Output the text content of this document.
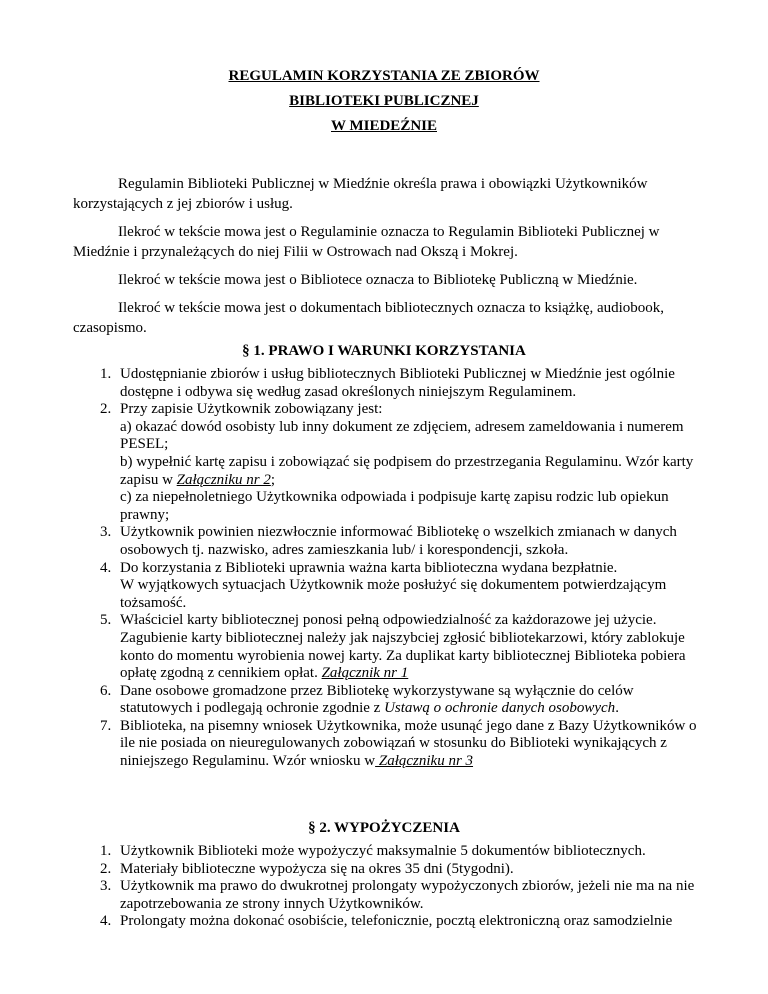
REGULAMIN KORZYSTANIA ZE ZBIORÓW
BIBLIOTEKI PUBLICZNEJ
W MIEDEŹNIE

Regulamin Biblioteki Publicznej w Miedźnie określa prawa i obowiązki Użytkowników korzystających z jej zbiorów i usług.

Ilekroć w tekście mowa jest o Regulaminie oznacza to Regulamin Biblioteki Publicznej w Miedźnie i przynależących do niej Filii w Ostrowach nad Okszą i Mokrej.

Ilekroć w tekście mowa jest o Bibliotece oznacza to Bibliotekę Publiczną w Miedźnie.

Ilekroć w tekście mowa jest o dokumentach bibliotecznych oznacza to książkę, audiobook, czasopismo.

§ 1. PRAWO I WARUNKI KORZYSTANIA
1. Udostępnianie zbiorów i usług bibliotecznych Biblioteki Publicznej w Miedźnie jest ogólnie dostępne i odbywa się według zasad określonych niniejszym Regulaminem.
2. Przy zapisie Użytkownik zobowiązany jest:
a) okazać dowód osobisty lub inny dokument ze zdjęciem, adresem zameldowania i numerem PESEL;
b) wypełnić kartę zapisu i zobowiązać się podpisem do przestrzegania Regulaminu. Wzór karty zapisu w Załączniku nr 2;
c) za niepełnoletniego Użytkownika odpowiada i podpisuje kartę zapisu rodzic lub opiekun prawny;
3. Użytkownik powinien niezwłocznie informować Bibliotekę o wszelkich zmianach w danych osobowych tj. nazwisko, adres zamieszkania lub/ i korespondencji, szkoła.
4. Do korzystania z Biblioteki uprawnia ważna karta biblioteczna wydana bezpłatnie.
W wyjątkowych sytuacjach Użytkownik może posłużyć się dokumentem potwierdzającym tożsamość.
5. Właściciel karty bibliotecznej ponosi pełną odpowiedzialność za każdorazowe jej użycie. Zagubienie karty bibliotecznej należy jak najszybciej zgłosić bibliotekarzowi, który zablokuje konto do momentu wyrobienia nowej karty. Za duplikat karty bibliotecznej Biblioteka pobiera opłatę zgodną z cennikiem opłat. Załącznik nr 1
6. Dane osobowe gromadzone przez Bibliotekę wykorzystywane są wyłącznie do celów statutowych i podlegają ochronie zgodnie z Ustawą o ochronie danych osobowych.
7. Biblioteka, na pisemny wniosek Użytkownika, może usunąć jego dane z Bazy Użytkowników o ile nie posiada on nieuregulowanych zobowiązań w stosunku do Biblioteki wynikających z niniejszego Regulaminu. Wzór wniosku w Załączniku nr 3
§ 2. WYPOŻYCZENIA
1. Użytkownik Biblioteki może wypożyczyć maksymalnie 5 dokumentów bibliotecznych.
2. Materiały biblioteczne wypożycza się na okres 35 dni (5tygodni).
3. Użytkownik ma prawo do dwukrotnej prolongaty wypożyczonych zbiorów, jeżeli nie ma na nie zapotrzebowania ze strony innych Użytkowników.
4. Prolongaty można dokonać osobiście, telefonicznie, pocztą elektroniczną oraz samodzielnie
